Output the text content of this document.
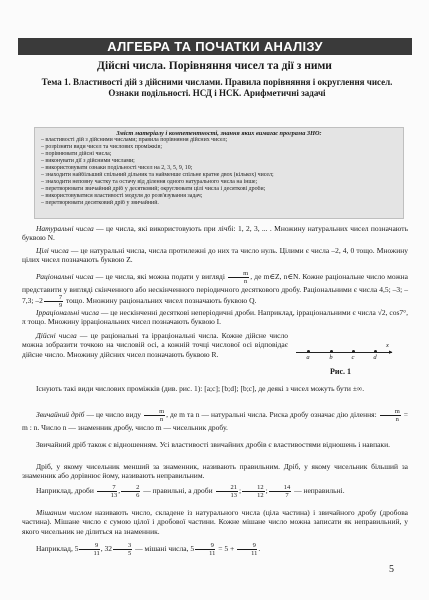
АЛГЕБРА ТА ПОЧАТКИ АНАЛІЗУ
Дійсні числа. Порівняння чисел та дії з ними
Тема 1. Властивості дій з дійсними числами. Правила порівняння і округлення чисел.
Ознаки подільності. НСД і НСК. Арифметичні задачі
Зміст матеріалу і компетентності, знання яких вимагає програма ЗНО:
– властивості дій з дійсними числами; правила порівняння дійсних чисел;
– розрізняти види чисел та числових проміжків;
– порівнювати дійсні числа;
– виконувати дії з дійсними числами;
– використовувати ознаки подільності чисел на 2, 3, 5, 9, 10;
– знаходити найбільший спільний дільник та найменше спільне кратне двох (кількох) чисел;
– знаходити неповну частку та остачу від ділення одного натурального числа на інше;
– перетворювати звичайний дріб у десятковий; округлювати цілі числа і десяткові дроби;
– використовуватися властивості модуля до розв'язування задач;
– перетворювати десятковий дріб у звичайний.
Натуральні числа — це числа, які використовують при лічбі: 1, 2, 3, ... . Множину натуральних чисел позначають буквою N.
Цілі числа — це натуральні числа, числа протилежні до них та число нуль. Цілими є числа –2, 4, 0 тощо. Множину цілих чисел позначають буквою Z.
Раціональні числа — це числа, які можна подати у вигляді $\frac{m}{n}$ , де m∈Z, n∈N. Кожне раціональне число можна представити у вигляді скінченного або нескінченного періодичного десяткового дробу. Раціональними є числа 4,5; –3; –7,3; $-2 \frac{7}{9}$ тощо. Множину раціональних чисел позначають буквою Q.
Ірраціональні числа — це нескінченні десяткові неперіодичні дроби. Наприклад, ірраціональними є числа √2, cos7°, π тощо. Множину ірраціональних чисел позначають буквою I.
Дійсні числа — це раціональні та ірраціональні числа. Кожне дійсне число можна зобразити точкою на числовій осі, а кожній точці числової осі відповідає дійсне число. Множину дійсних чисел позначають буквою R.	▸
x
a	b	c	d
Рис. 1
Існують такі види числових проміжків (див. рис. 1): [a;c]; [b;d]; [b;c], де деякі з чисел можуть бути ±∞.
Звичайний дріб — це число виду $\frac{m}{n}$ , де m та n — натуральні числа. Риска дробу означає дію ділення: $\frac{m}{n} = m$ : n. Число n — знаменник дробу, число m — чисельник дробу.
Звичайний дріб також є відношенням. Усі властивості звичайних дробів є властивостями відношень і навпаки.
Дріб, у якому чисельник менший за знаменник, називають правильним. Дріб, у якому чисельник більший за знаменник або дорівнює йому, називають неправильним.
Наприклад, дроби $\frac{7}{13}$ , $\frac{2}{6}$ — правильні, а дроби $\frac{21}{13}$ ; $\frac{12}{12}$ ; $\frac{14}{7}$ — неправильні.
Мішаним числом називають число, складене із натурального числа (ціла частина) і звичайного дробу (дробова частина). Мішане число є сумою цілої і дробової частини. Кожне мішане число можна записати як неправильний, у якого чисельник не ділиться на знаменник.
Наприклад, $5 \frac{9}{11}$ , $32 \frac{3}{5}$ — мішані числа, $5 \frac{9}{11} = 5 + \frac{9}{11}$ .
5
